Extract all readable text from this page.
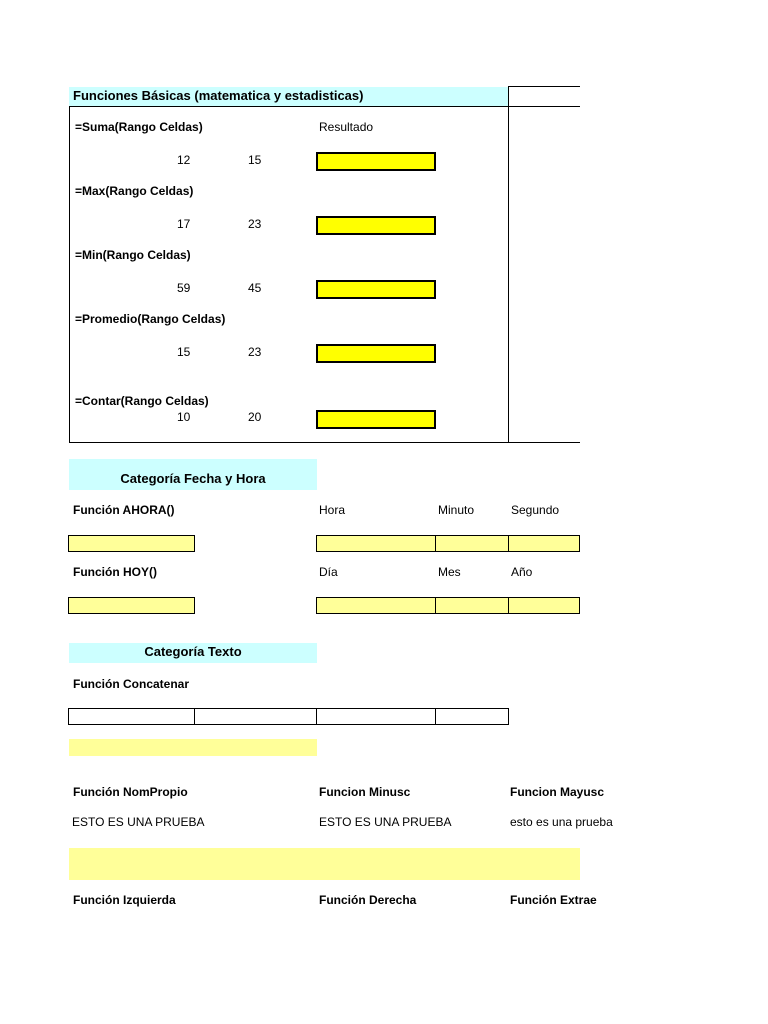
Funciones Básicas (matematica y estadisticas)
Resultado
=Suma(Rango Celdas)
12	15
=Max(Rango Celdas)
17	23
=Min(Rango Celdas)
59	45
=Promedio(Rango Celdas)
15	23
=Contar(Rango Celdas)
10	20
Categoría Fecha y Hora
Función AHORA()	Hora	Minuto	Segundo
Función HOY()	Día	Mes	Año
Categoría Texto
Función Concatenar
Función NomPropio	Funcion Minusc	Funcion Mayusc
ESTO ES UNA PRUEBA	ESTO ES UNA PRUEBA	esto es una prueba
Función Izquierda	Función Derecha	Función Extrae
